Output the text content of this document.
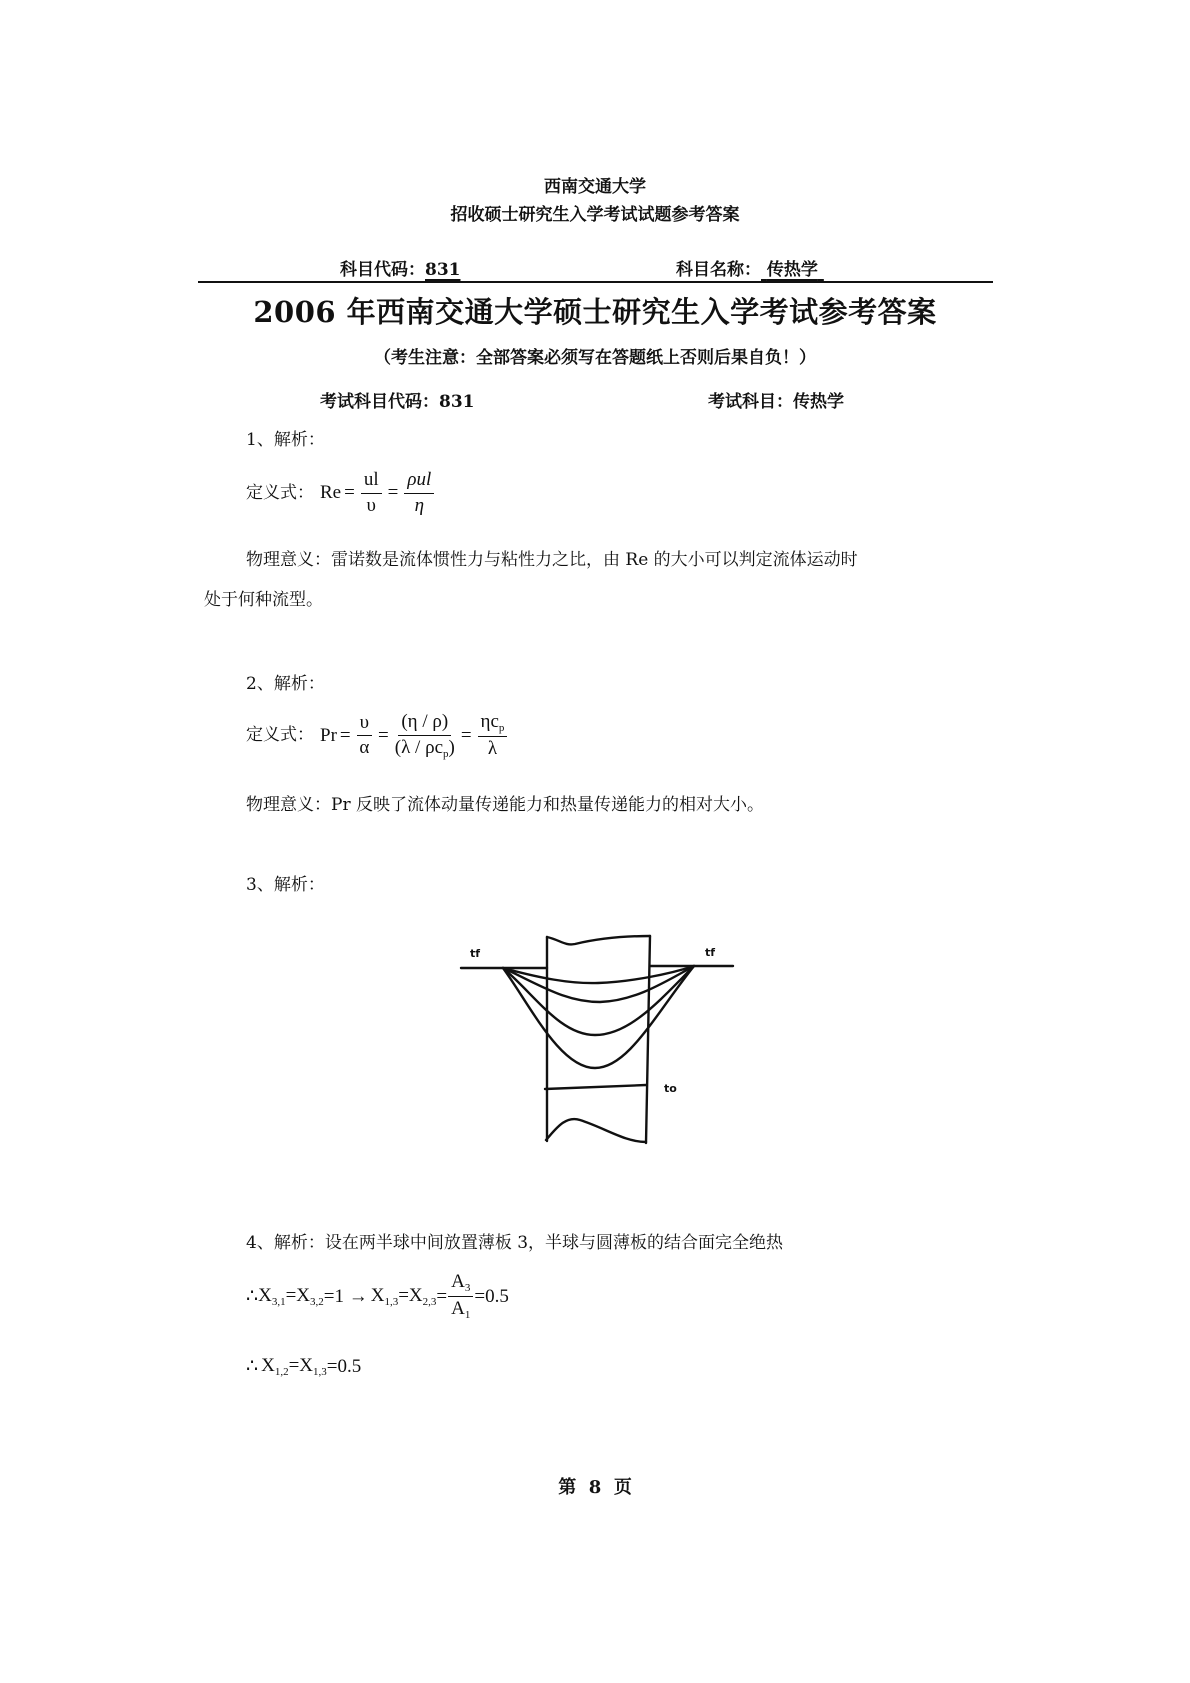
西南交通大学
招收硕士研究生入学考试试题参考答案
科目代码：831	科目名称： 传热学
2006 年西南交通大学硕士研究生入学考试参考答案
（考生注意：全部答案必须写在答题纸上否则后果自负！）
考试科目代码：831	考试科目：传热学
1、解析：
定义式： $Re = \frac{ul}{\upsilon} = \frac{\text{ρul}}{\eta}$
物理意义：雷诺数是流体惯性力与粘性力之比，由 Re 的大小可以判定流体运动时
处于何种流型。
2、解析：
定义式： $Pr = \frac{\upsilon}{\alpha} = \frac{(\eta / \rho)}{(\lambda / \rho c_p)} = \frac{\eta c_p}{\lambda}$
物理意义：Pr 反映了流体动量传递能力和热量传递能力的相对大小。
3、解析：
tf	tf
to
4、解析：设在两半球中间放置薄板 3，半球与圆薄板的结合面完全绝热
∴ $X_{3,1} =X_{3,2} =1 \to X_{1,3} =X_{2,3} = \frac{A_3}{A_1} =0.5$
∴ $X_{1,2} =X_{1,3} =0.5$
第 8 页
